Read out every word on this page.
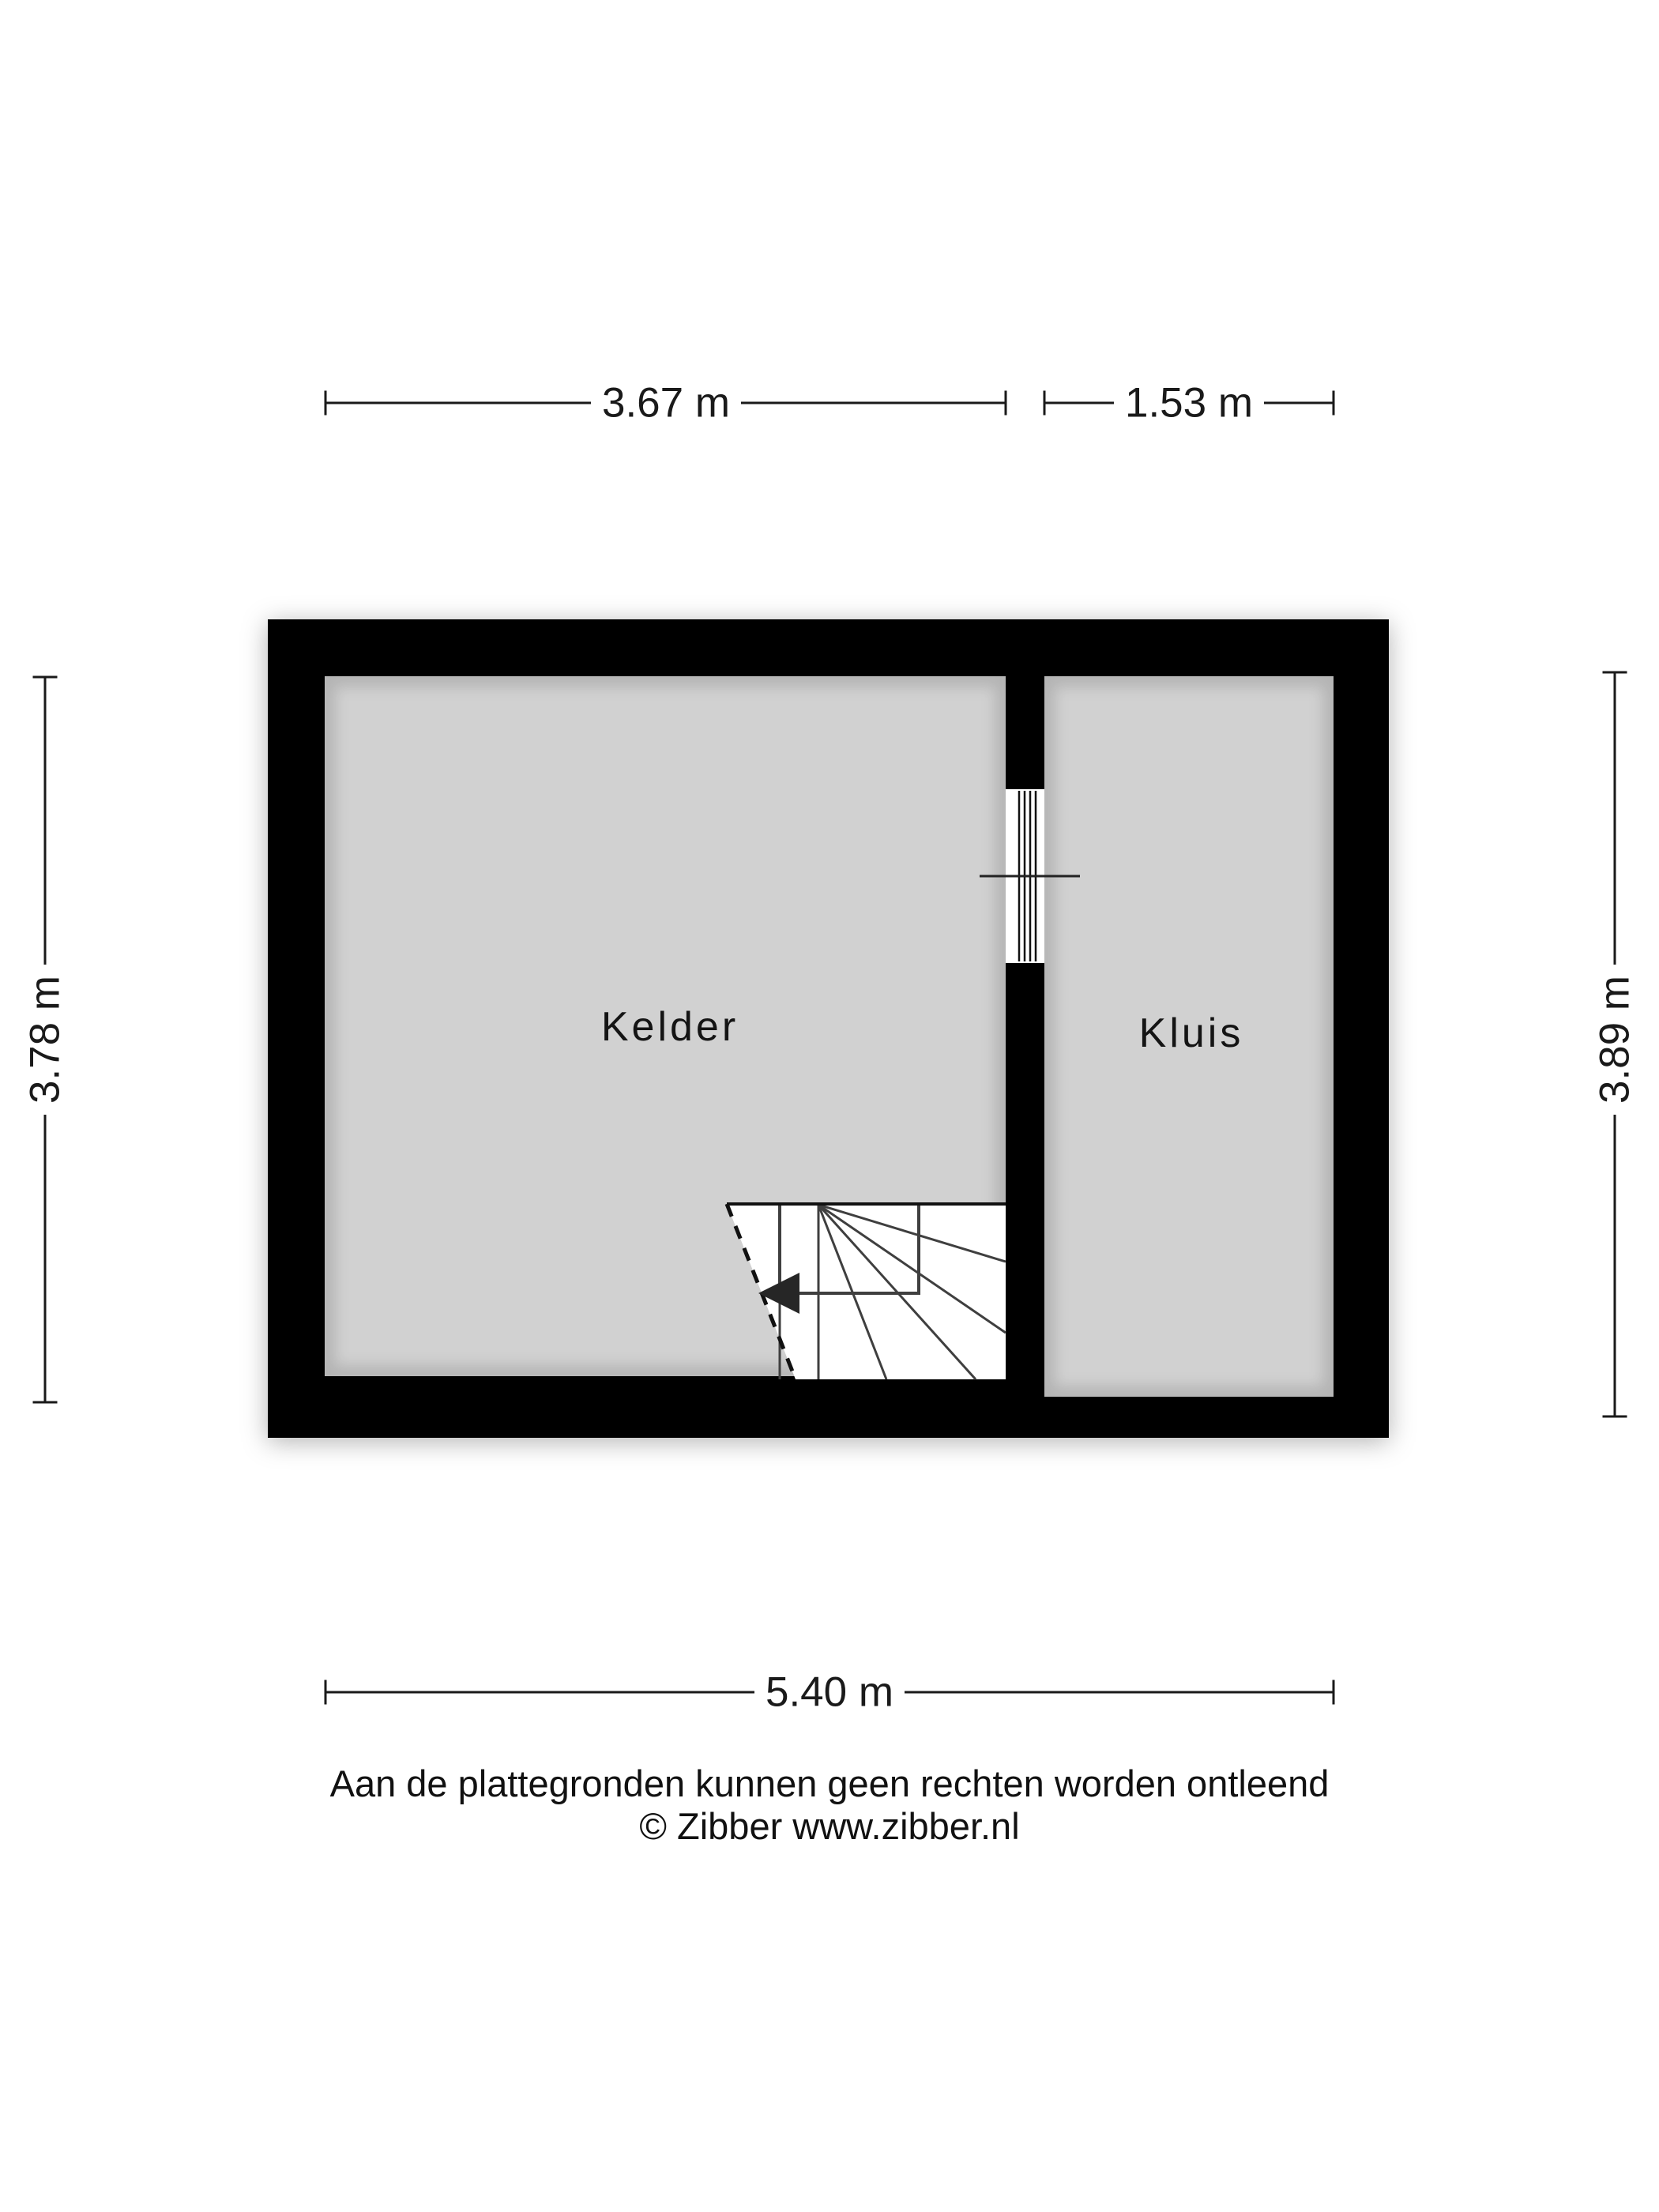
3.67 m	1.53 m
5.40 m
3.78 m	3.89 m
Kelder	Kluis
Aan de plattegronden kunnen geen rechten worden ontleend
© Zibber www.zibber.nl
